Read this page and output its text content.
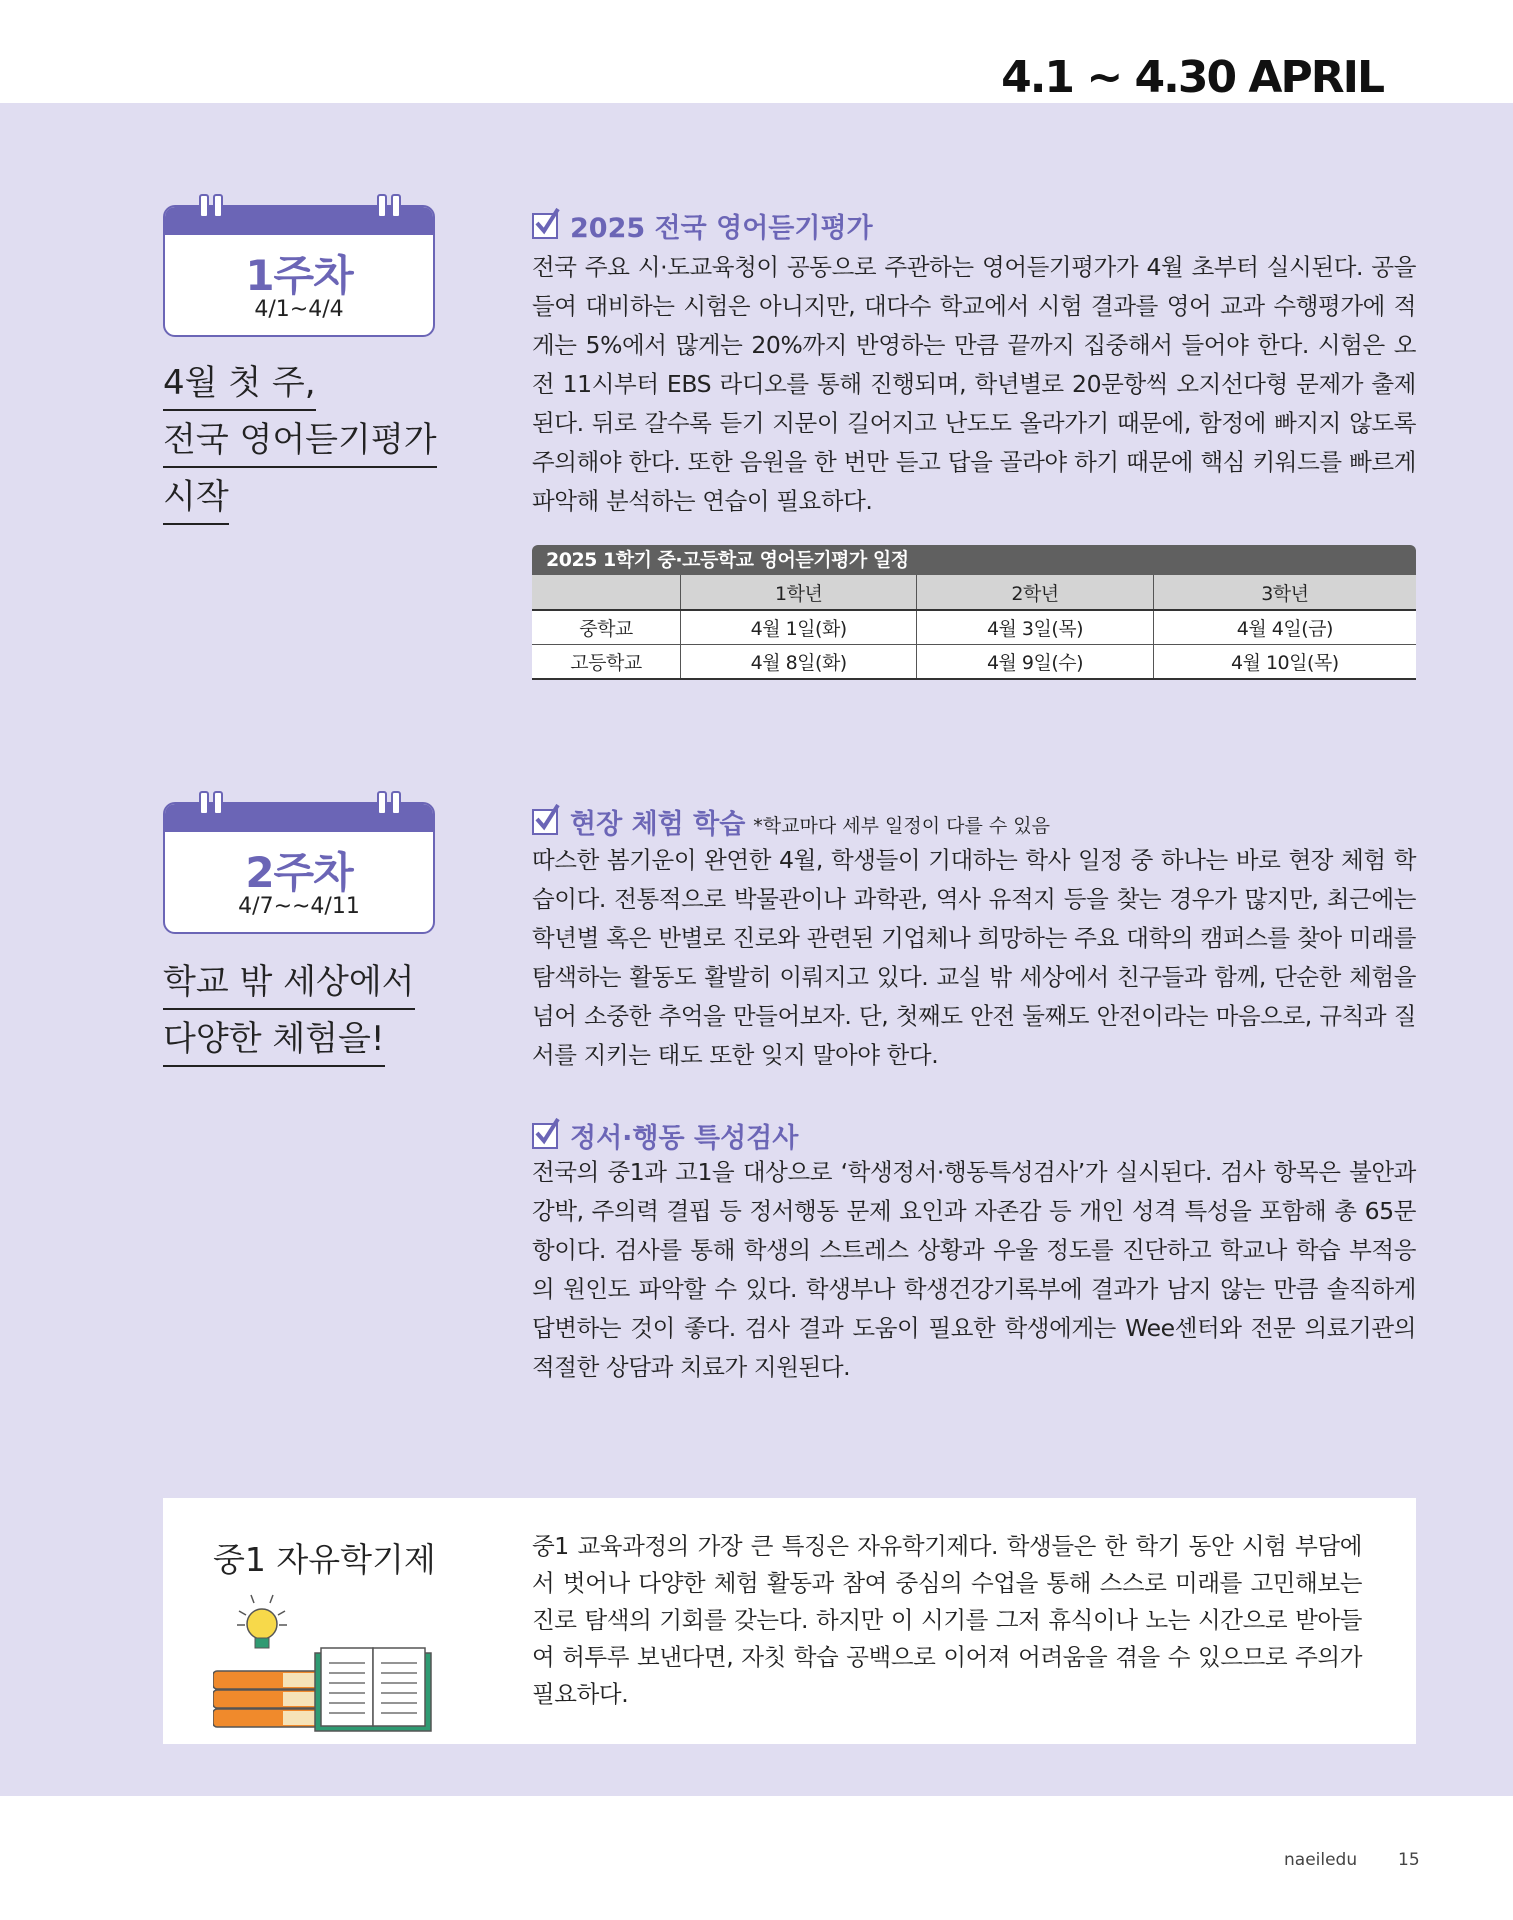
4.1 ~ 4.30 APRIL
1주차
4/1~4/4
4월 첫 주,
전국 영어듣기평가
시작
2025 전국 영어듣기평가
전국 주요 시·도교육청이 공동으로 주관하는 영어듣기평가가 4월 초부터 실시된다. 공을 들여 대비하는 시험은 아니지만, 대다수 학교에서 시험 결과를 영어 교과 수행평가에 적게는 5%에서 많게는 20%까지 반영하는 만큼 끝까지 집중해서 들어야 한다. 시험은 오전 11시부터 EBS 라디오를 통해 진행되며, 학년별로 20문항씩 오지선다형 문제가 출제된다. 뒤로 갈수록 듣기 지문이 길어지고 난도도 올라가기 때문에, 함정에 빠지지 않도록 주의해야 한다. 또한 음원을 한 번만 듣고 답을 골라야 하기 때문에 핵심 키워드를 빠르게 파악해 분석하는 연습이 필요하다.
2025 1학기 중·고등학교 영어듣기평가 일정
	1학년	2학년	3학년
중학교	4월 1일(화)	4월 3일(목)	4월 4일(금)
고등학교	4월 8일(화)	4월 9일(수)	4월 10일(목)
2주차
4/7~~4/11
학교 밖 세상에서
다양한 체험을!
현장 체험 학습 *학교마다 세부 일정이 다를 수 있음
따스한 봄기운이 완연한 4월, 학생들이 기대하는 학사 일정 중 하나는 바로 현장 체험 학습이다. 전통적으로 박물관이나 과학관, 역사 유적지 등을 찾는 경우가 많지만, 최근에는 학년별 혹은 반별로 진로와 관련된 기업체나 희망하는 주요 대학의 캠퍼스를 찾아 미래를 탐색하는 활동도 활발히 이뤄지고 있다. 교실 밖 세상에서 친구들과 함께, 단순한 체험을 넘어 소중한 추억을 만들어보자. 단, 첫째도 안전 둘째도 안전이라는 마음으로, 규칙과 질서를 지키는 태도 또한 잊지 말아야 한다.
정서·행동 특성검사
전국의 중1과 고1을 대상으로 ‘학생정서·행동특성검사’가 실시된다. 검사 항목은 불안과 강박, 주의력 결핍 등 정서행동 문제 요인과 자존감 등 개인 성격 특성을 포함해 총 65문항이다. 검사를 통해 학생의 스트레스 상황과 우울 정도를 진단하고 학교나 학습 부적응의 원인도 파악할 수 있다. 학생부나 학생건강기록부에 결과가 남지 않는 만큼 솔직하게 답변하는 것이 좋다. 검사 결과 도움이 필요한 학생에게는 Wee센터와 전문 의료기관의 적절한 상담과 치료가 지원된다.
중1 자유학기제	중1 교육과정의 가장 큰 특징은 자유학기제다. 학생들은 한 학기 동안 시험 부담에서 벗어나 다양한 체험 활동과 참여 중심의 수업을 통해 스스로 미래를 고민해보는 진로 탐색의 기회를 갖는다. 하지만 이 시기를 그저 휴식이나 노는 시간으로 받아들여 허투루 보낸다면, 자칫 학습 공백으로 이어져 어려움을 겪을 수 있으므로 주의가 필요하다.
naeiledu 15
